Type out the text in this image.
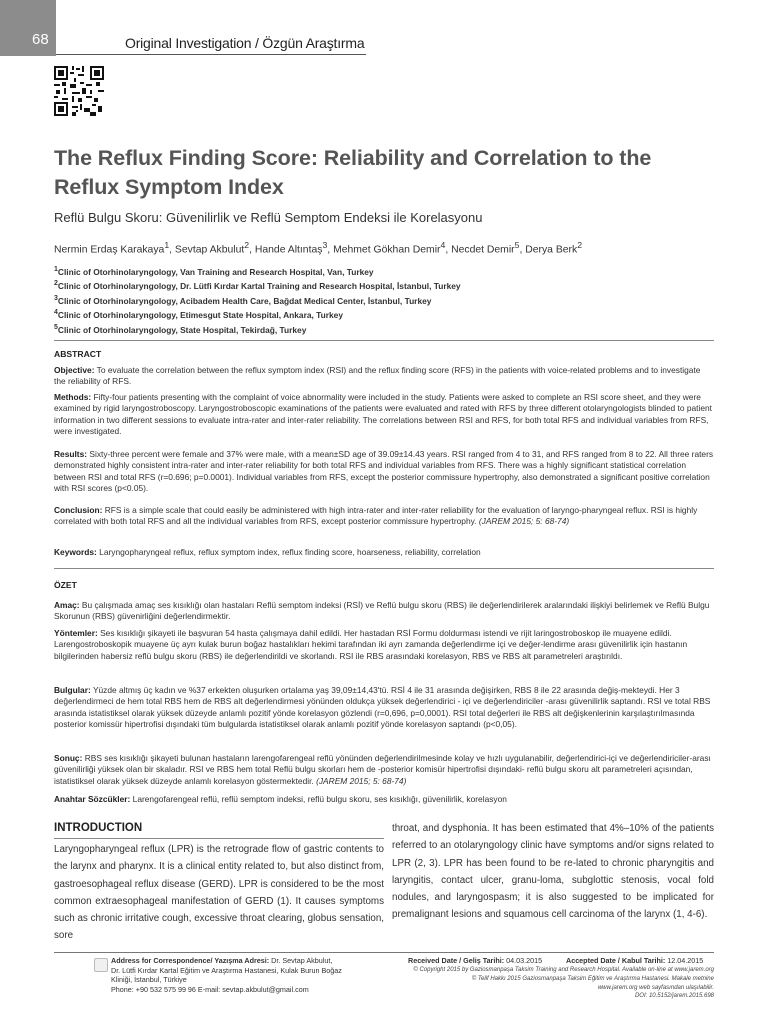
68	Original Investigation / Özgün Araştırma
The Reflux Finding Score: Reliability and Correlation to the Reflux Symptom Index
Reflü Bulgu Skoru: Güvenilirlik ve Reflü Semptom Endeksi ile Korelasyonu
Nermin Erdaş Karakaya$^1$, Sevtap Akbulut$^2$, Hande Altıntaş$^3$, Mehmet Gökhan Demir$^4$, Necdet Demir$^5$, Derya Berk$^2$
$^1$Clinic of Otorhinolaryngology, Van Training and Research Hospital, Van, Turkey
$^2$Clinic of Otorhinolaryngology, Dr. Lütfi Kırdar Kartal Training and Research Hospital, İstanbul, Turkey
$^3$Clinic of Otorhinolaryngology, Acibadem Health Care, Bağdat Medical Center, İstanbul, Turkey
$^4$Clinic of Otorhinolaryngology, Etimesgut State Hospital, Ankara, Turkey
$^5$Clinic of Otorhinolaryngology, State Hospital, Tekirdağ, Turkey
ABSTRACT
Objective: To evaluate the correlation between the reflux symptom index (RSI) and the reflux finding score (RFS) in the patients with voice-related problems and to investigate the reliability of RFS.
Methods: Fifty-four patients presenting with the complaint of voice abnormality were included in the study. Patients were asked to complete an RSI score sheet, and they were examined by rigid laryngostroboscopy. Laryngostroboscopic examinations of the patients were evaluated and rated with RFS by three different otolaryngologists blinded to patient information in two different sessions to evaluate intra-rater and inter-rater reliability. The correlations between RSI and RFS, for both total RFS and individual variables from RFS, were investigated.
Results: Sixty-three percent were female and 37% were male, with a mean±SD age of 39.09±14.43 years. RSI ranged from 4 to 31, and RFS ranged from 8 to 22. All three raters demonstrated highly consistent intra-rater and inter-rater reliability for both total RFS and individual variables from RFS. There was a highly significant statistical correlation between RSI and total RFS (r=0.696; p=0.0001). Individual variables from RFS, except the posterior commissure hypertrophy, also demonstrated a significant positive correlation with RSI scores (p<0.05).
Conclusion: RFS is a simple scale that could easily be administered with high intra-rater and inter-rater reliability for the evaluation of laryngo-pharyngeal reflux. RSI is highly correlated with both total RFS and all the individual variables from RFS, except posterior commissure hypertrophy. (JAREM 2015; 5: 68-74)
Keywords: Laryngopharyngeal reflux, reflux symptom index, reflux finding score, hoarseness, reliability, correlation
ÖZET
Amaç: Bu çalışmada amaç ses kısıklığı olan hastaları Reflü semptom indeksi (RSİ) ve Reflü bulgu skoru (RBS) ile değerlendirilerek aralarındaki ilişkiyi belirlemek ve Reflü Bulgu Skorunun (RBS) güvenirliğini değerlendirmektir.
Yöntemler: Ses kısıklığı şikayeti ile başvuran 54 hasta çalışmaya dahil edildi. Her hastadan RSİ Formu doldurması istendi ve rijit laringostroboskop ile muayene edildi. Larengostroboskopik muayene üç ayrı kulak burun boğaz hastalıkları hekimi tarafından iki ayrı zamanda değerlendirme içi ve değer-lendirme arası güvenilirlik için hastanın bilgilerinden habersiz reflü bulgu skoru (RBS) ile değerlendirildi ve skorlandı. RSI ile RBS arasındaki korelasyon, RBS ve RBS alt parametreleri araştırıldı.
Bulgular: Yüzde altmış üç kadın ve %37 erkekten oluşurken ortalama yaş 39,09±14,43'tü. RSİ 4 ile 31 arasında değişirken, RBS 8 ile 22 arasında değiş-mekteydi. Her 3 değerlendirmeci de hem total RBS hem de RBS alt değerlendirmesi yönünden oldukça yüksek değerlendirici - içi ve değerlendiriciler -arası güvenilirlik saptandı. RSI ve total RBS arasında istatistiksel olarak yüksek düzeyde anlamlı pozitif yönde korelasyon gözlendi (r=0,696, p=0,0001). RSI total değerleri ile RBS alt değişkenlerinin karşılaştırılmasında posterior komissür hipertrofisi dışındaki tüm bulgularda istatistiksel olarak anlamlı pozitif yönde korelasyon saptandı (p<0,05).
Sonuç: RBS ses kısıklığı şikayeti bulunan hastaların larengofarengeal reflü yönünden değerlendirilmesinde kolay ve hızlı uygulanabilir, değerlendirici-içi ve değerlendiriciler-arası güvenilirliği yüksek olan bir skaladır. RSI ve RBS hem total Reflü bulgu skorları hem de -posterior komisür hipertrofisi dışındaki- reflü bulgu skoru alt parametreleri açısından, istatistiksel olarak yüksek düzeyde anlamlı korelasyon göstermektedir. (JAREM 2015; 5: 68-74)
Anahtar Sözcükler: Larengofarengeal reflü, reflü semptom indeksi, reflü bulgu skoru, ses kısıklığı, güvenilirlik, korelasyon
INTRODUCTION
Laryngopharyngeal reflux (LPR) is the retrograde flow of gastric contents to the larynx and pharynx. It is a clinical entity related to, but also distinct from, gastroesophageal reflux disease (GERD). LPR is considered to be the most common extraesophageal manifestation of GERD (1). It causes symptoms such as chronic irritative cough, excessive throat clearing, globus sensation, sore
throat, and dysphonia. It has been estimated that 4%–10% of the patients referred to an otolaryngology clinic have symptoms and/or signs related to LPR (2, 3). LPR has been found to be re-lated to chronic pharyngitis and laryngitis, contact ulcer, granu-loma, subglottic stenosis, vocal fold nodules, and laryngospasm; it is also suggested to be implicated for premalignant lesions and squamous cell carcinoma of the larynx (1, 4-6).
Address for Correspondence/ Yazışma Adresi: Dr. Sevtap Akbulut,
Dr. Lütfi Kırdar Kartal Eğitim ve Araştırma Hastanesi, Kulak Burun Boğaz
Kliniği, İstanbul, Türkiye
Phone: +90 532 575 99 96 E-mail: sevtap.akbulut@gmail.com
Received Date / Geliş Tarihi: 04.03.2015	Accepted Date / Kabul Tarihi: 12.04.2015
© Copyright 2015 by Gaziosmanpaşa Taksim Training and Research Hospital. Available on-line at www.jarem.org
© Telif Hakkı 2015 Gaziosmanpaşa Taksim Eğitim ve Araştırma Hastanesi. Makale metnine
www.jarem.org web sayfasından ulaşılabilir.
DOI: 10.5152/jarem.2015.698
